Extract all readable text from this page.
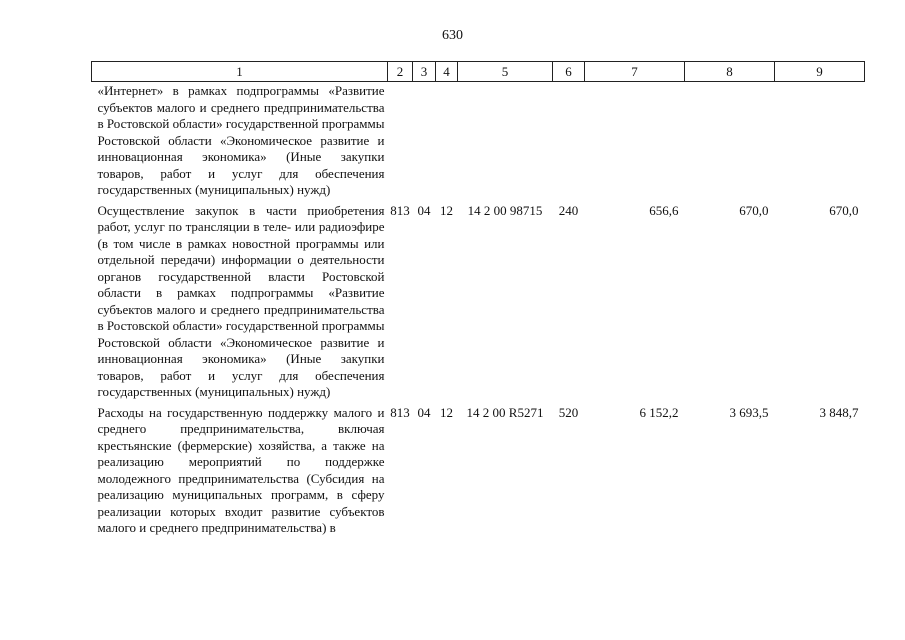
630
1	2	3	4	5	6	7	8	9
«Интернет» в рамках подпрограммы «Развитие субъектов малого и среднего предпринимательства в Ростовской области» государственной программы Ростовской области «Экономическое развитие и инновационная экономика» (Иные закупки товаров, работ и услуг для обеспечения государственных (муниципальных) нужд)								
Осуществление закупок в части приобретения работ, услуг по трансляции в теле- или радиоэфире (в том числе в рамках новостной программы или отдельной передачи) информации о деятельности органов государственной власти Ростовской области в рамках подпрограммы «Развитие субъектов малого и среднего предпринимательства в Ростовской области» государственной программы Ростовской области «Экономическое развитие и инновационная экономика» (Иные закупки товаров, работ и услуг для обеспечения государственных (муниципальных) нужд)	813	04	12	14 2 00 98715	240	656,6	670,0	670,0
Расходы на государственную поддержку малого и среднего предпринимательства, включая крестьянские (фермерские) хозяйства, а также на реализацию мероприятий по поддержке молодежного предпринимательства (Субсидия на реализацию муниципальных программ, в сферу реализации которых входит развитие субъектов малого и среднего предпринимательства) в	813	04	12	14 2 00 R5271	520	6 152,2	3 693,5	3 848,7
